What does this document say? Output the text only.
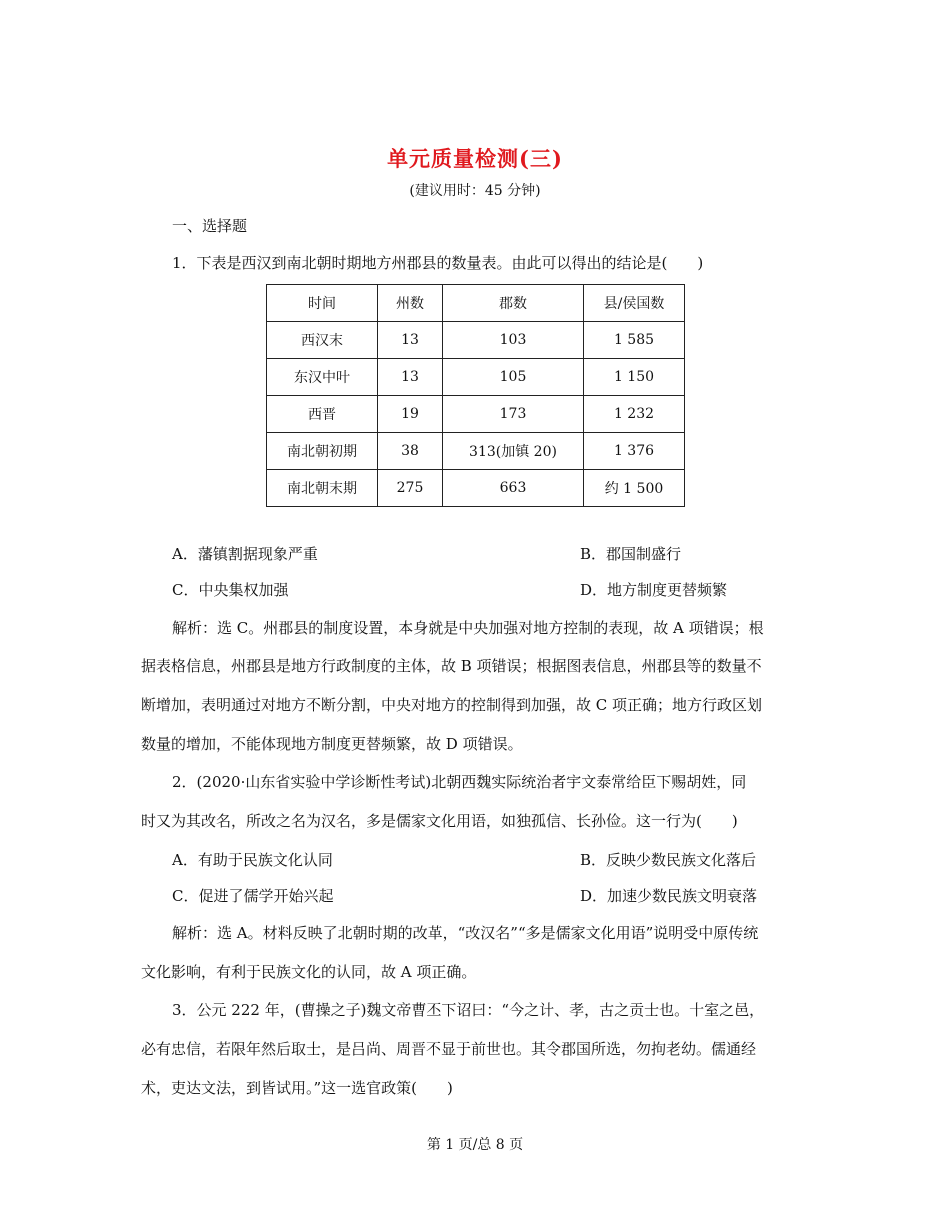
单元质量检测(三)
(建议用时：45 分钟)
一、选择题
1．下表是西汉到南北朝时期地方州郡县的数量表。由此可以得出的结论是(　　)
时间	州数	郡数	县/侯国数
西汉末	13	103	1 585
东汉中叶	13	105	1 150
西晋	19	173	1 232
南北朝初期	38	313(加镇 20)	1 376
南北朝末期	275	663	约 1 500
A．藩镇割据现象严重	B．郡国制盛行
C．中央集权加强	D．地方制度更替频繁
解析：选 C。州郡县的制度设置，本身就是中央加强对地方控制的表现，故 A 项错误；根
据表格信息，州郡县是地方行政制度的主体，故 B 项错误；根据图表信息，州郡县等的数量不
断增加，表明通过对地方不断分割，中央对地方的控制得到加强，故 C 项正确；地方行政区划
数量的增加，不能体现地方制度更替频繁，故 D 项错误。
2．(2020·山东省实验中学诊断性考试)北朝西魏实际统治者宇文泰常给臣下赐胡姓，同
时又为其改名，所改之名为汉名，多是儒家文化用语，如独孤信、长孙俭。这一行为(　　)
A．有助于民族文化认同	B．反映少数民族文化落后
C．促进了儒学开始兴起	D．加速少数民族文明衰落
解析：选 A。材料反映了北朝时期的改革，“改汉名”“多是儒家文化用语”说明受中原传统
文化影响，有利于民族文化的认同，故 A 项正确。
3．公元 222 年，(曹操之子)魏文帝曹丕下诏曰：“今之计、孝，古之贡士也。十室之邑，
必有忠信，若限年然后取士，是吕尚、周晋不显于前世也。其令郡国所选，勿拘老幼。儒通经
术，吏达文法，到皆试用。”这一选官政策(　　)
第 1 页/总 8 页
